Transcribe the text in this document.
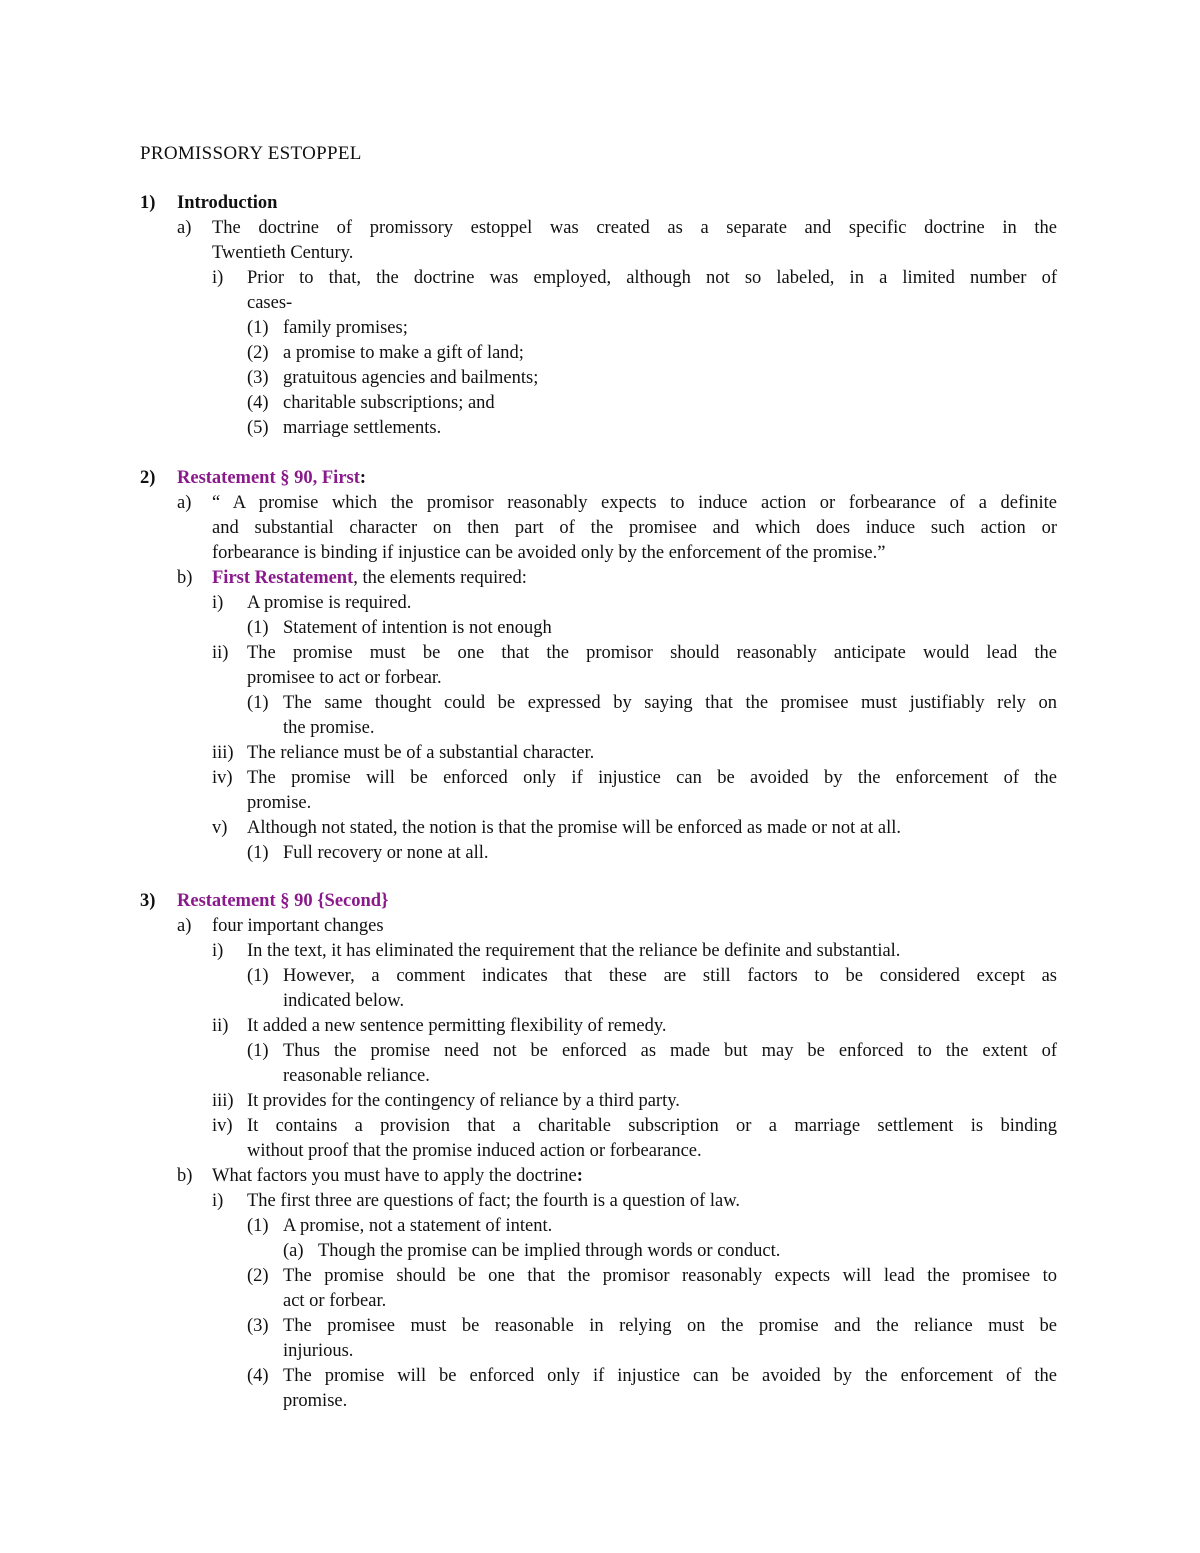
PROMISSORY ESTOPPEL
1) Introduction
a) The doctrine of promissory estoppel was created as a separate and specific doctrine in the
Twentieth Century.
i) Prior to that, the doctrine was employed, although not so labeled, in a limited number of
cases-
(1) family promises;
(2) a promise to make a gift of land;
(3) gratuitous agencies and bailments;
(4) charitable subscriptions; and
(5) marriage settlements.
2) Restatement § 90, First:
a) “ A promise which the promisor reasonably expects to induce action or forbearance of a definite
and substantial character on then part of the promisee and which does induce such action or
forbearance is binding if injustice can be avoided only by the enforcement of the promise.”
b) First Restatement, the elements required:
i) A promise is required.
(1) Statement of intention is not enough
ii) The promise must be one that the promisor should reasonably anticipate would lead the
promisee to act or forbear.
(1) The same thought could be expressed by saying that the promisee must justifiably rely on
the promise.
iii) The reliance must be of a substantial character.
iv) The promise will be enforced only if injustice can be avoided by the enforcement of the
promise.
v) Although not stated, the notion is that the promise will be enforced as made or not at all.
(1) Full recovery or none at all.
3) Restatement § 90 {Second}
a) four important changes
i) In the text, it has eliminated the requirement that the reliance be definite and substantial.
(1) However, a comment indicates that these are still factors to be considered except as
indicated below.
ii) It added a new sentence permitting flexibility of remedy.
(1) Thus the promise need not be enforced as made but may be enforced to the extent of
reasonable reliance.
iii) It provides for the contingency of reliance by a third party.
iv) It contains a provision that a charitable subscription or a marriage settlement is binding
without proof that the promise induced action or forbearance.
b) What factors you must have to apply the doctrine:
i) The first three are questions of fact; the fourth is a question of law.
(1) A promise, not a statement of intent.
(a) Though the promise can be implied through words or conduct.
(2) The promise should be one that the promisor reasonably expects will lead the promisee to
act or forbear.
(3) The promisee must be reasonable in relying on the promise and the reliance must be
injurious.
(4) The promise will be enforced only if injustice can be avoided by the enforcement of the
promise.
